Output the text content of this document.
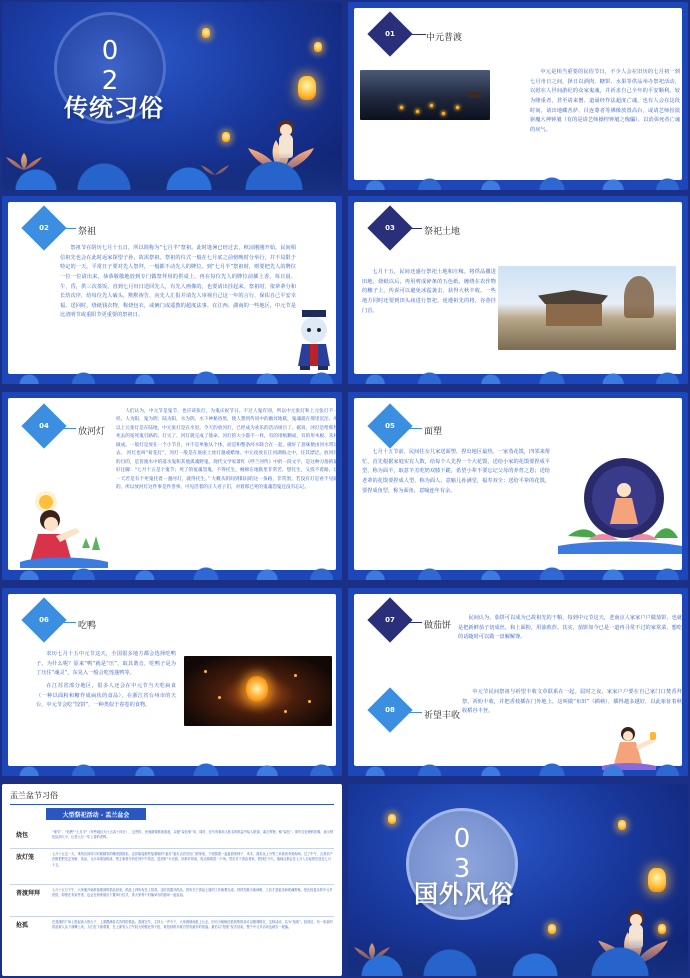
0
2
传统习俗
01	中元普渡

中元是相当重要的民俗节日，不少人会在旧历的七月初一到七月卅日之间，择日以酒肉、糖饼、水果等供品举办祭祀活动，以慰在人世间游纪的众家鬼魂，并祈求自己全年的平安顺利。较为隆重者，甚至请来僧、道诵经作法超度亡魂。也有人会在这段时间，请出地藏菩萨、目连尊者等佛像放置高台，或请艺师扮演驱魔大神钟馗（有的是请艺师操控钟馗之傀儡），以消弭死者亡魂的戾气。

02	祭祖

祭祖节在阴历七月十五日，所以简称为“七月半”祭祖。此时逢暑已经过去，秋凉刚刚开始。民间相信祖先也会在此时返家探望子孙，故需祭祖。祭祖的仪式一般在七月底之前傍晚时分举行，并不局限于特定的一天。平常日子要对先人祭拜，一般都不动先人的牌位。到“七月半”祭祖时，则要把先人的牌位一位一位请出来，恭恭敬敬地放到专门做祭拜用的供桌上，再在每位先人的牌位前插上香，每日晨、午、昏，供三次茶饭，直到七月卅日送回先人，有先人画像的，也要请出挂起来。祭祖时，依辈辈分和长幼次序，给每位先人磕头，默默祷告，向先人汇报并请先人审视自己这一年的言行，保佑自己平安幸福。送回时，烧纸钱衣物，称烧包衣，或俩门或遥教的超度法事。在江西、湖南的一些地区，中元节是比清明节或重阳节更重要的祭祖日。

03	祭祀土地

七月十五，民间还盛行祭祀土地和庄稼。将供品撒进田地，烧纸以后，再用剪成碎条的五色纸，缠绕在农作物的穗子上。传说可以避免冰雹袭击，获得大秋丰收。一些地方同时还要到田头庙进行祭祀。逆遵祖先的将，谷巷挂门首。

04
放河灯

人们认为，中元节是鬼节，也应该张灯，为鬼庆祝节日。不过人鬼有别，所以中元张灯和上元张灯不一样。人为阳，鬼为阴；陆为阳，水为阴。水下神秘昏黑，使人想到传说中的幽冥地狱，鬼魂就在那里沉沦。所以上元张灯是在陆地，中元张灯是在水里。今天的放河灯，已经成为欢乐的活动项目了。据说，河灯是给那些死去的冤死鬼引路的。灯灭了，河灯就完成了使命。河灯的大小都不一样，有的用纸糊成，有的用木板、禾秆做成。一般灯是放在一个小节目，并不是单独从个体，而是和整条河水联合在一起，做好了意味便由河水带过去。 河灯也叫“荷花灯”，河灯一般是在底座上放灯盏或蜡烛，中元夜放在江河湖海之中，任其漂泛。放河灯的目的，是普渡水中的落水鬼和其他孤魂野鬼。现代文学家萧红《呼兰河传》中的一段文字，是这种习俗的最好注脚：“七月十五是个鬼节；死了的冤魂怨鬼，不得托生，缠绵在地狱里非常苦，想托生，又找不着路。这一天若是有个死鬼托着一盏河灯，就得托生。” 大概从阴间到阳间的这一条路，非常黑，若没有灯是看不见路的。所以放河灯这件事是件善事。可见活着的正人君子们，对着那已死的鬼魂怨鬼还没有忘记。

05
面塑

七月十五节前，民间往女儿家送面塑，捏出地区最热。一家蒸花馍，四邻来帮忙，首先根据家庭实有人数，给每个人先捏一个大花馍，送给小家的花馍要捏成平型，称为面羊，取意羊羔吃奶双膝下跪，希望小辈不要忘记父母的养育之恩；送给老辈的花馍要捏成人型，称为面人，意喻儿孙满堂，福寿双全；送给平辈的花馍，要捏成鱼型，称为面鱼，意喻连年有余。

06
吃鸭

农历七月十五中元节这天，全国很多地方都会选择吃鸭子。为什么呢？原来“鸭”就是“压”，取其谐音，吃鸭子是为了压住“魂灵”，东晃入一般会吃莲蓬鸭等。

在江苏省部分地区，很多人还会在中元节当天吃扁食（一种以面粉和糖作成扁状的食品），在浙江省台州市的天台，中元节会吃“饺饼”，一种类似于春卷的食物。

07
做茄饼

民间认为，茄饼可以成为已故祖先的干粮，每到中元节这天，老南京人家家户户做茄饼，也就是把新鲜茄子切成丝，和上面粉，用油煎炸。其实，茄饼如今已是一道再寻常不过的家常菜，想吃的话随时可以做一盘解解馋。

08
祈望丰收

中元节民间祭祖与祈望丰收文草联系在一起。届时之夜，家家户户要在自己家门口焚香拜祭，祈盼丰收，并把香枝插在门外地上，这叫做“布田”（插秧），插得越多越好，以此象征着秋收稻谷丰登。

盂兰盆节习俗
大型祭祀活动 - 盂兰盆会
烧包	“鬼节”、“佑秧”“七月半”（有些地区为十五或十四日），这些时，民间最要都备准备，以便“烧包鬼”用，同时，在写有事用人姓名的纸袋中装入纸钱、素衣等物，称“烧包”。即作过处理的吃喝，表示焚化烧到大小，让老人行一年上香的老鸭。
放灯笼	七月十五这一天，乘风后到村口时候精彩的精美挑挑彩。这祥能接那些接着暗的“祖灯”祖灯点亮后出门到家里，下面按着一盘盘面来林子、米木、面类从上分等三米高贵伞到现场。过了中午，吉者乐户在相把把先定发暗、条品、元丰阜重加根成、把主事者分份在回中午将近，送到好“火光面，好都对祭桌，再点缀着香一下场，然后对下香由者家。把到在今天，谐地点都会在七月入日起把后放在七月十五。
普渡拜拜	七月十五日下午，大家便开始准备要被的供品回来，供品上拜所有先上祭香。这时放置开供品，供有关于供品上面的工作就要完成，拜拜先敬天地神明，之后才是祖先和孤魂野鬼，是比较复杂的中元节民俗，即使在有条件者，也会在两家屋出下置举行仪式，供大家每个村落举办的道场一起参加。
抢孤	在普渡的广场上搭起高大的台子，上面摆满各式各样的供品。普渡完毕，主持人一声令下，大家刹那间抢上台去，因为当地相信抢到的供品可以避邪除灾，这种活动，名为“抢孤”。抢孤后，有一条条的供品被人从下面攀上来，人们在下面观看，在上面有人力气较大的强壮男子抢，谁抢到的多就自然有最多的祝福。最后以“抢孤”仪式结束，整个中元节活动也就告一段落。
0
3
国外风俗
